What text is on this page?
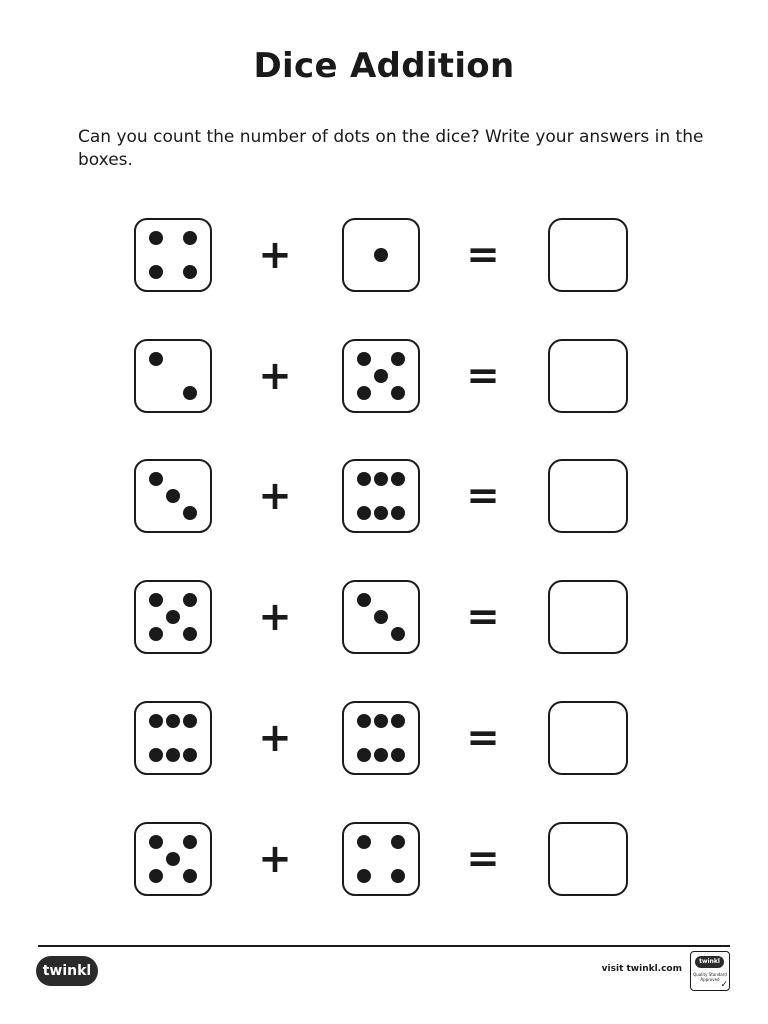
Dice Addition
Can you count the number of dots on the dice? Write your answers in the boxes.
+	=
+	=
+	=
+	=
+	=
+	=
twinkl	visit twinkl.com
twinkl
Quality Standard Approved
✓
